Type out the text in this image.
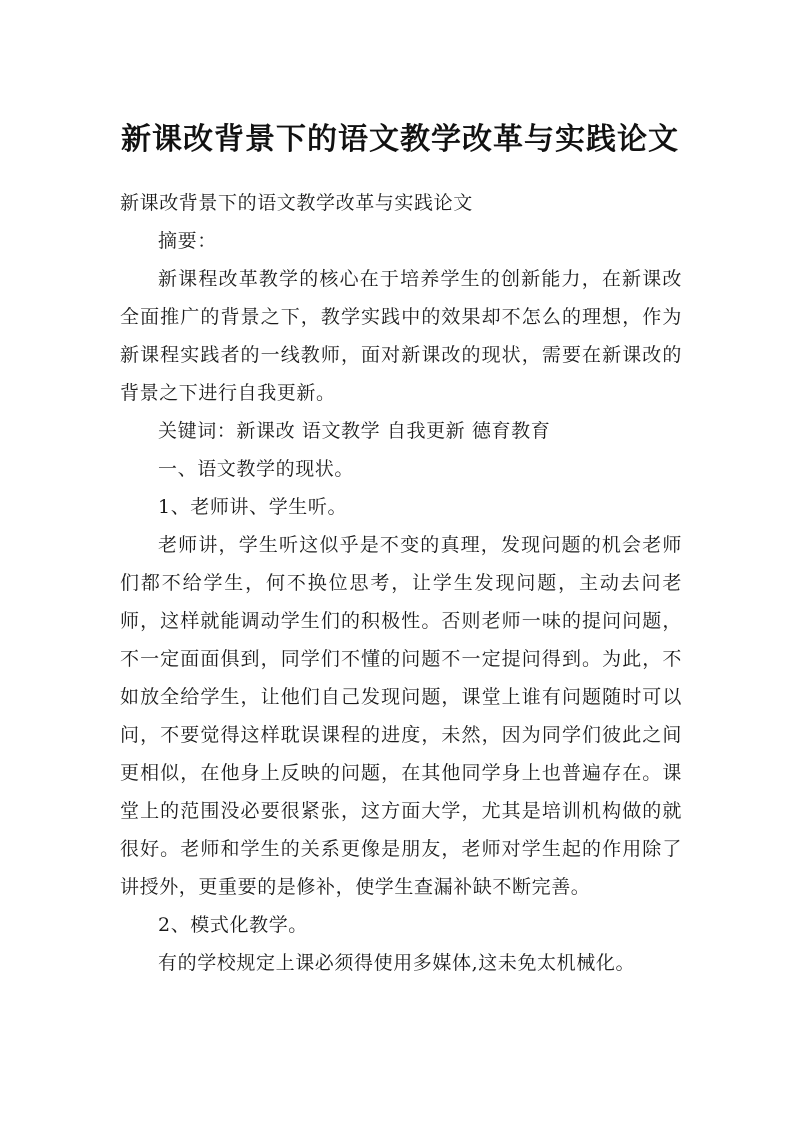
新课改背景下的语文教学改革与实践论文

新课改背景下的语文教学改革与实践论文

摘要：

新课程改革教学的核心在于培养学生的创新能力，在新课改全面推广的背景之下，教学实践中的效果却不怎么的理想，作为新课程实践者的一线教师，面对新课改的现状，需要在新课改的背景之下进行自我更新。

关键词：新课改 语文教学 自我更新 德育教育

一、语文教学的现状。

1、老师讲、学生听。

老师讲，学生听这似乎是不变的真理，发现问题的机会老师们都不给学生，何不换位思考，让学生发现问题，主动去问老师，这样就能调动学生们的积极性。否则老师一味的提问问题，不一定面面俱到，同学们不懂的问题不一定提问得到。为此，不如放全给学生，让他们自己发现问题，课堂上谁有问题随时可以问，不要觉得这样耽误课程的进度，未然，因为同学们彼此之间更相似，在他身上反映的问题，在其他同学身上也普遍存在。课堂上的范围没必要很紧张，这方面大学，尤其是培训机构做的就很好。老师和学生的关系更像是朋友，老师对学生起的作用除了讲授外，更重要的是修补，使学生查漏补缺不断完善。

2、模式化教学。

有的学校规定上课必须得使用多媒体,这未免太机械化。
